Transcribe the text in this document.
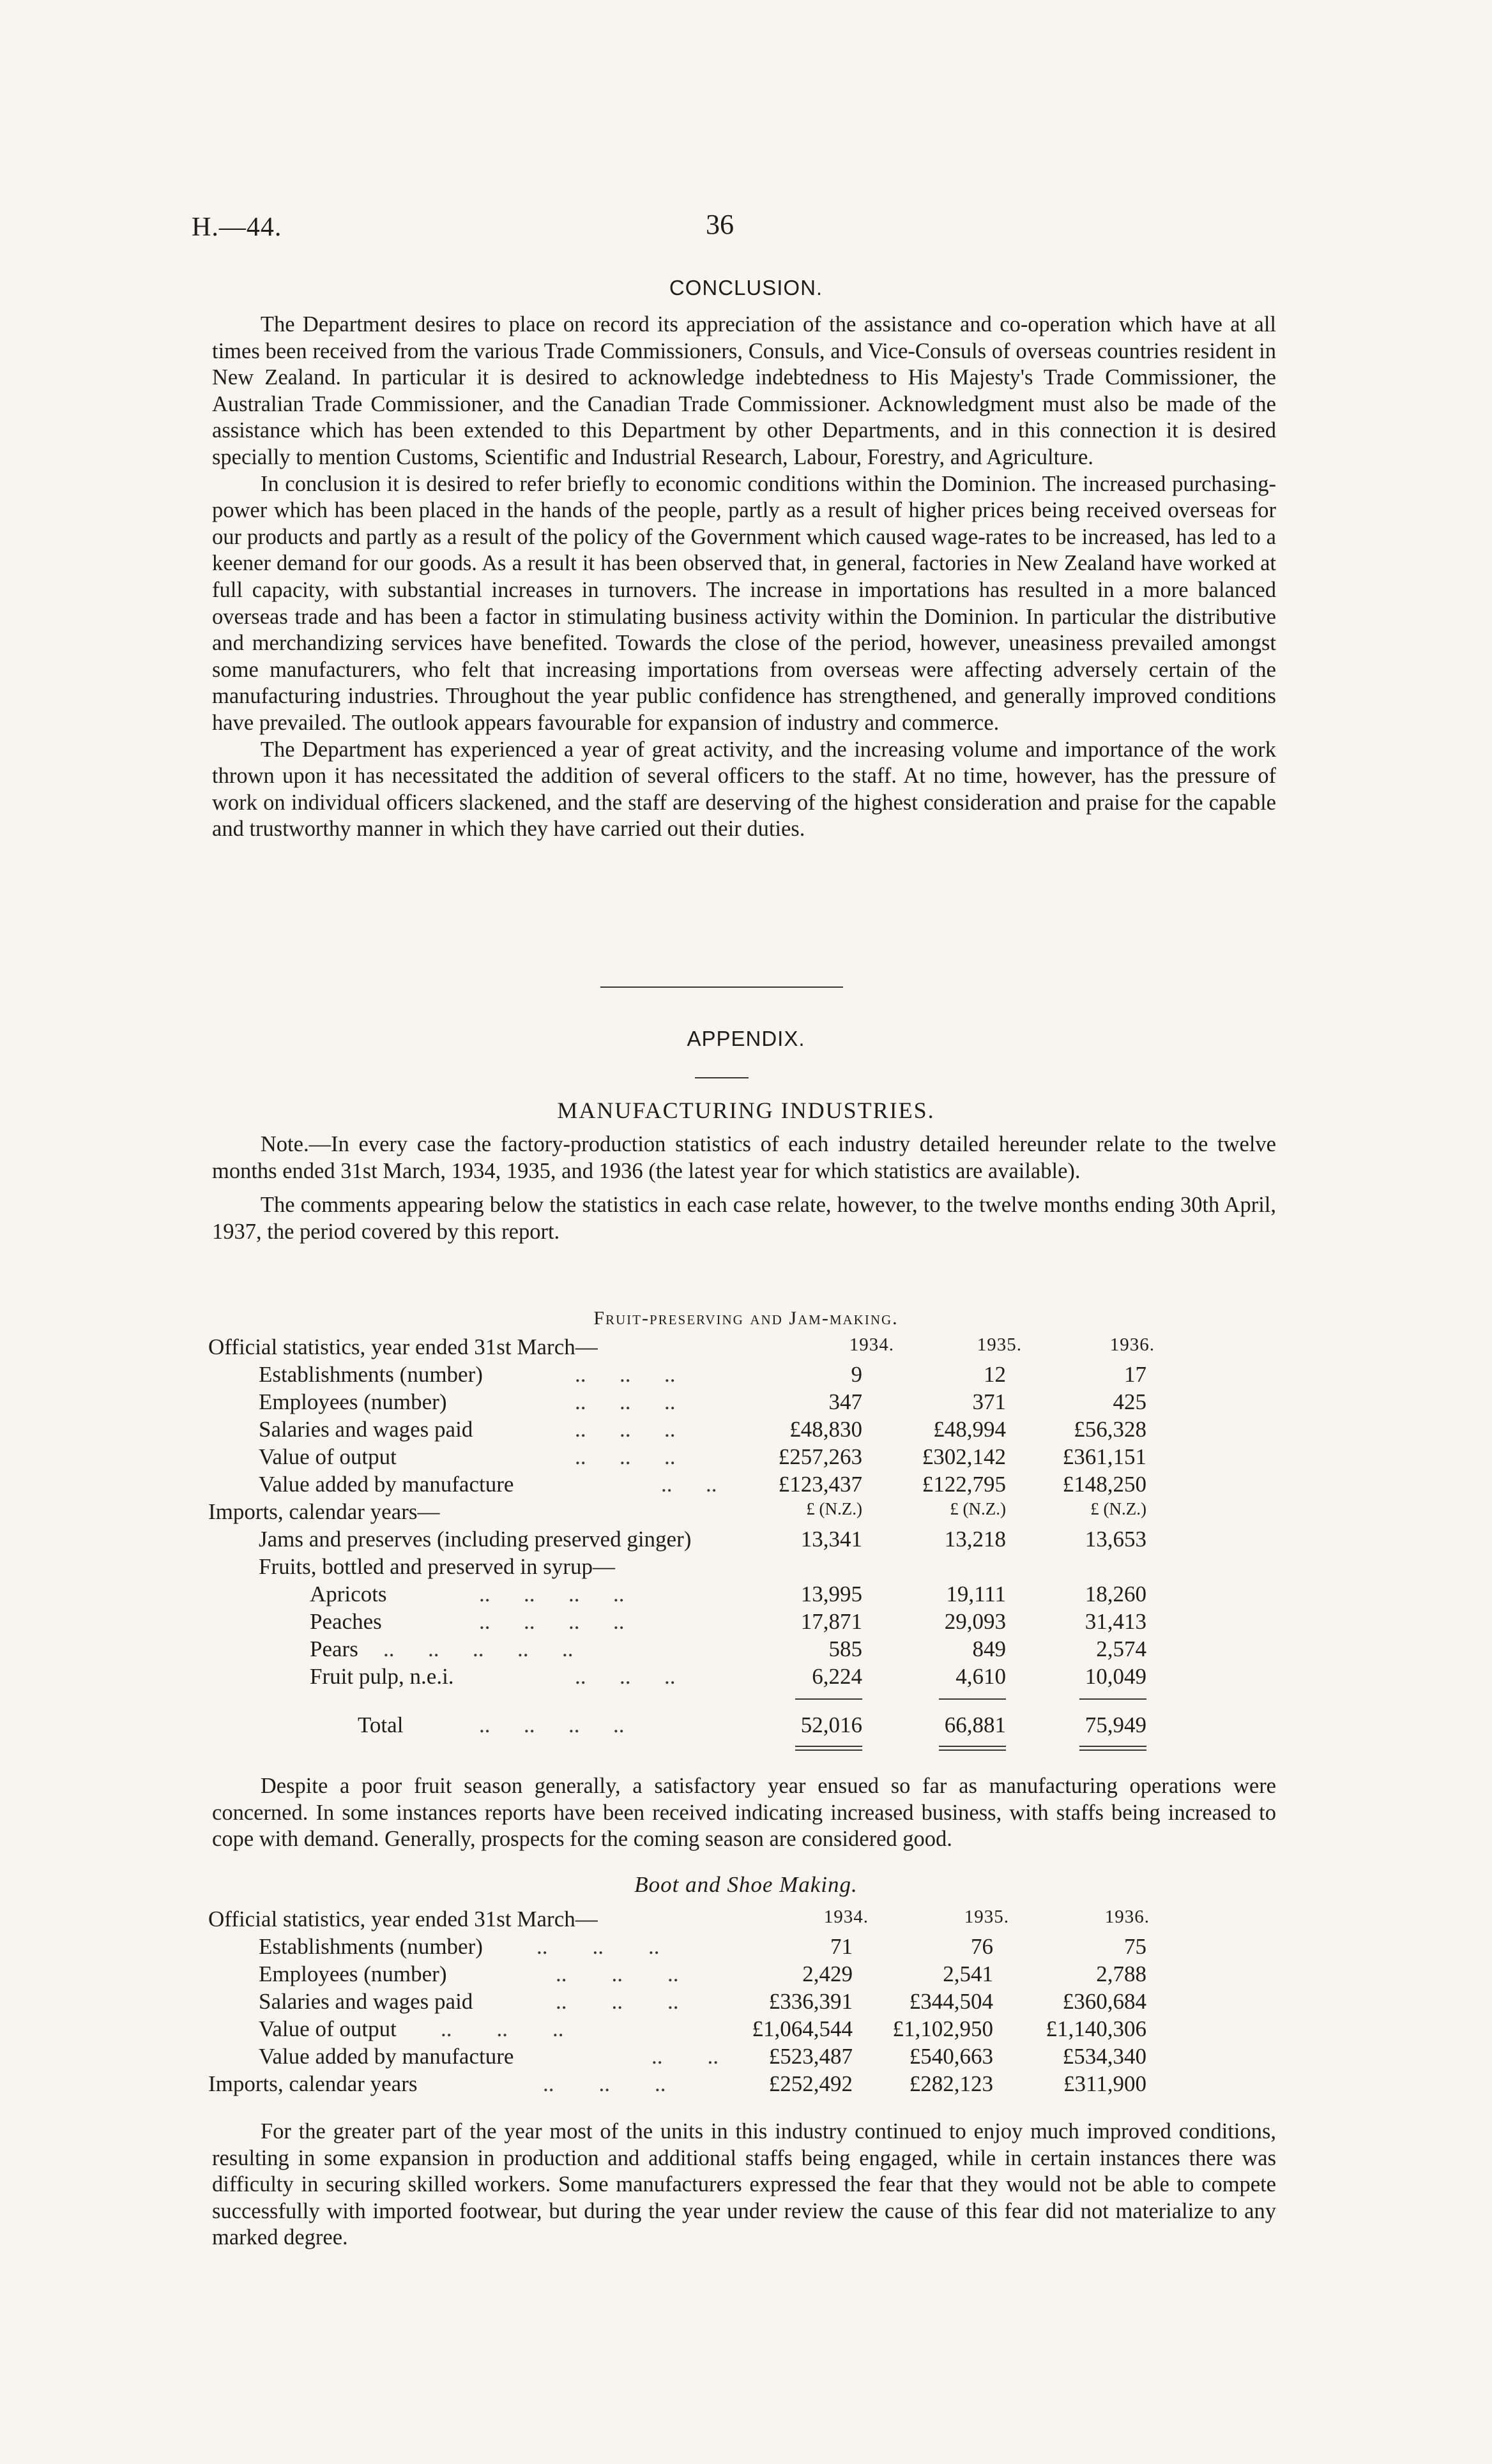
H.—44.	36
CONCLUSION.

The Department desires to place on record its appreciation of the assistance and co-operation which have at all times been received from the various Trade Commissioners, Consuls, and Vice-Consuls of overseas countries resident in New Zealand. In particular it is desired to acknowledge indebtedness to His Majesty's Trade Commissioner, the Australian Trade Commissioner, and the Canadian Trade Commissioner. Acknowledgment must also be made of the assistance which has been extended to this Department by other Departments, and in this connection it is desired specially to mention Customs, Scientific and Industrial Research, Labour, Forestry, and Agriculture.

In conclusion it is desired to refer briefly to economic conditions within the Dominion. The increased purchasing-power which has been placed in the hands of the people, partly as a result of higher prices being received overseas for our products and partly as a result of the policy of the Government which caused wage-rates to be increased, has led to a keener demand for our goods. As a result it has been observed that, in general, factories in New Zealand have worked at full capacity, with substantial increases in turnovers. The increase in importations has resulted in a more balanced overseas trade and has been a factor in stimulating business activity within the Dominion. In particular the distributive and merchandizing services have benefited. Towards the close of the period, however, uneasiness prevailed amongst some manufacturers, who felt that increasing importations from overseas were affecting adversely certain of the manufacturing industries. Throughout the year public confidence has strengthened, and generally improved conditions have prevailed. The outlook appears favourable for expansion of industry and commerce.

The Department has experienced a year of great activity, and the increasing volume and importance of the work thrown upon it has necessitated the addition of several officers to the staff. At no time, however, has the pressure of work on individual officers slackened, and the staff are deserving of the highest consideration and praise for the capable and trustworthy manner in which they have carried out their duties.

APPENDIX.
MANUFACTURING INDUSTRIES.

Note.—In every case the factory-production statistics of each industry detailed hereunder relate to the twelve months ended 31st March, 1934, 1935, and 1936 (the latest year for which statistics are available).

The comments appearing below the statistics in each case relate, however, to the twelve months ending 30th April, 1937, the period covered by this report.

Fruit-preserving and Jam-making.
Official statistics, year ended 31st March—	1934.	1935.	1936.
Establishments (number)	..      ..      ..	9	12	17
Employees (number)	..      ..      ..	347	371	425
Salaries and wages paid	..      ..      ..	£48,830	£48,994	£56,328
Value of output	..      ..      ..	£257,263	£302,142	£361,151
Value added by manufacture	..      ..	£123,437	£122,795	£148,250
Imports, calendar years—	£ (N.Z.)	£ (N.Z.)	£ (N.Z.)
Jams and preserves (including preserved ginger)	13,341	13,218	13,653
Fruits, bottled and preserved in syrup—
Apricots	..      ..      ..      ..	13,995	19,111	18,260
Peaches	..      ..      ..      ..	17,871	29,093	31,413
Pears ..      ..      ..      ..      ..	585	849	2,574
Fruit pulp, n.e.i.	..      ..      ..	6,224	4,610	10,049
Total	..      ..      ..      ..	52,016	66,881	75,949

Despite a poor fruit season generally, a satisfactory year ensued so far as manufacturing operations were concerned. In some instances reports have been received indicating increased business, with staffs being increased to cope with demand. Generally, prospects for the coming season are considered good.

Boot and Shoe Making.
Official statistics, year ended 31st March—	1934.	1935.	1936.
Establishments (number) ..        ..        ..	71	76	75
Employees (number)	..        ..        ..	2,429	2,541	2,788
Salaries and wages paid	..        ..        ..	£336,391	£344,504	£360,684
Value of output ..        ..        ..	£1,064,544	£1,102,950	£1,140,306
Value added by manufacture	..        ..	£523,487	£540,663	£534,340
Imports, calendar years	..        ..        ..	£252,492	£282,123	£311,900

For the greater part of the year most of the units in this industry continued to enjoy much improved conditions, resulting in some expansion in production and additional staffs being engaged, while in certain instances there was difficulty in securing skilled workers. Some manufacturers expressed the fear that they would not be able to compete successfully with imported footwear, but during the year under review the cause of this fear did not materialize to any marked degree.
